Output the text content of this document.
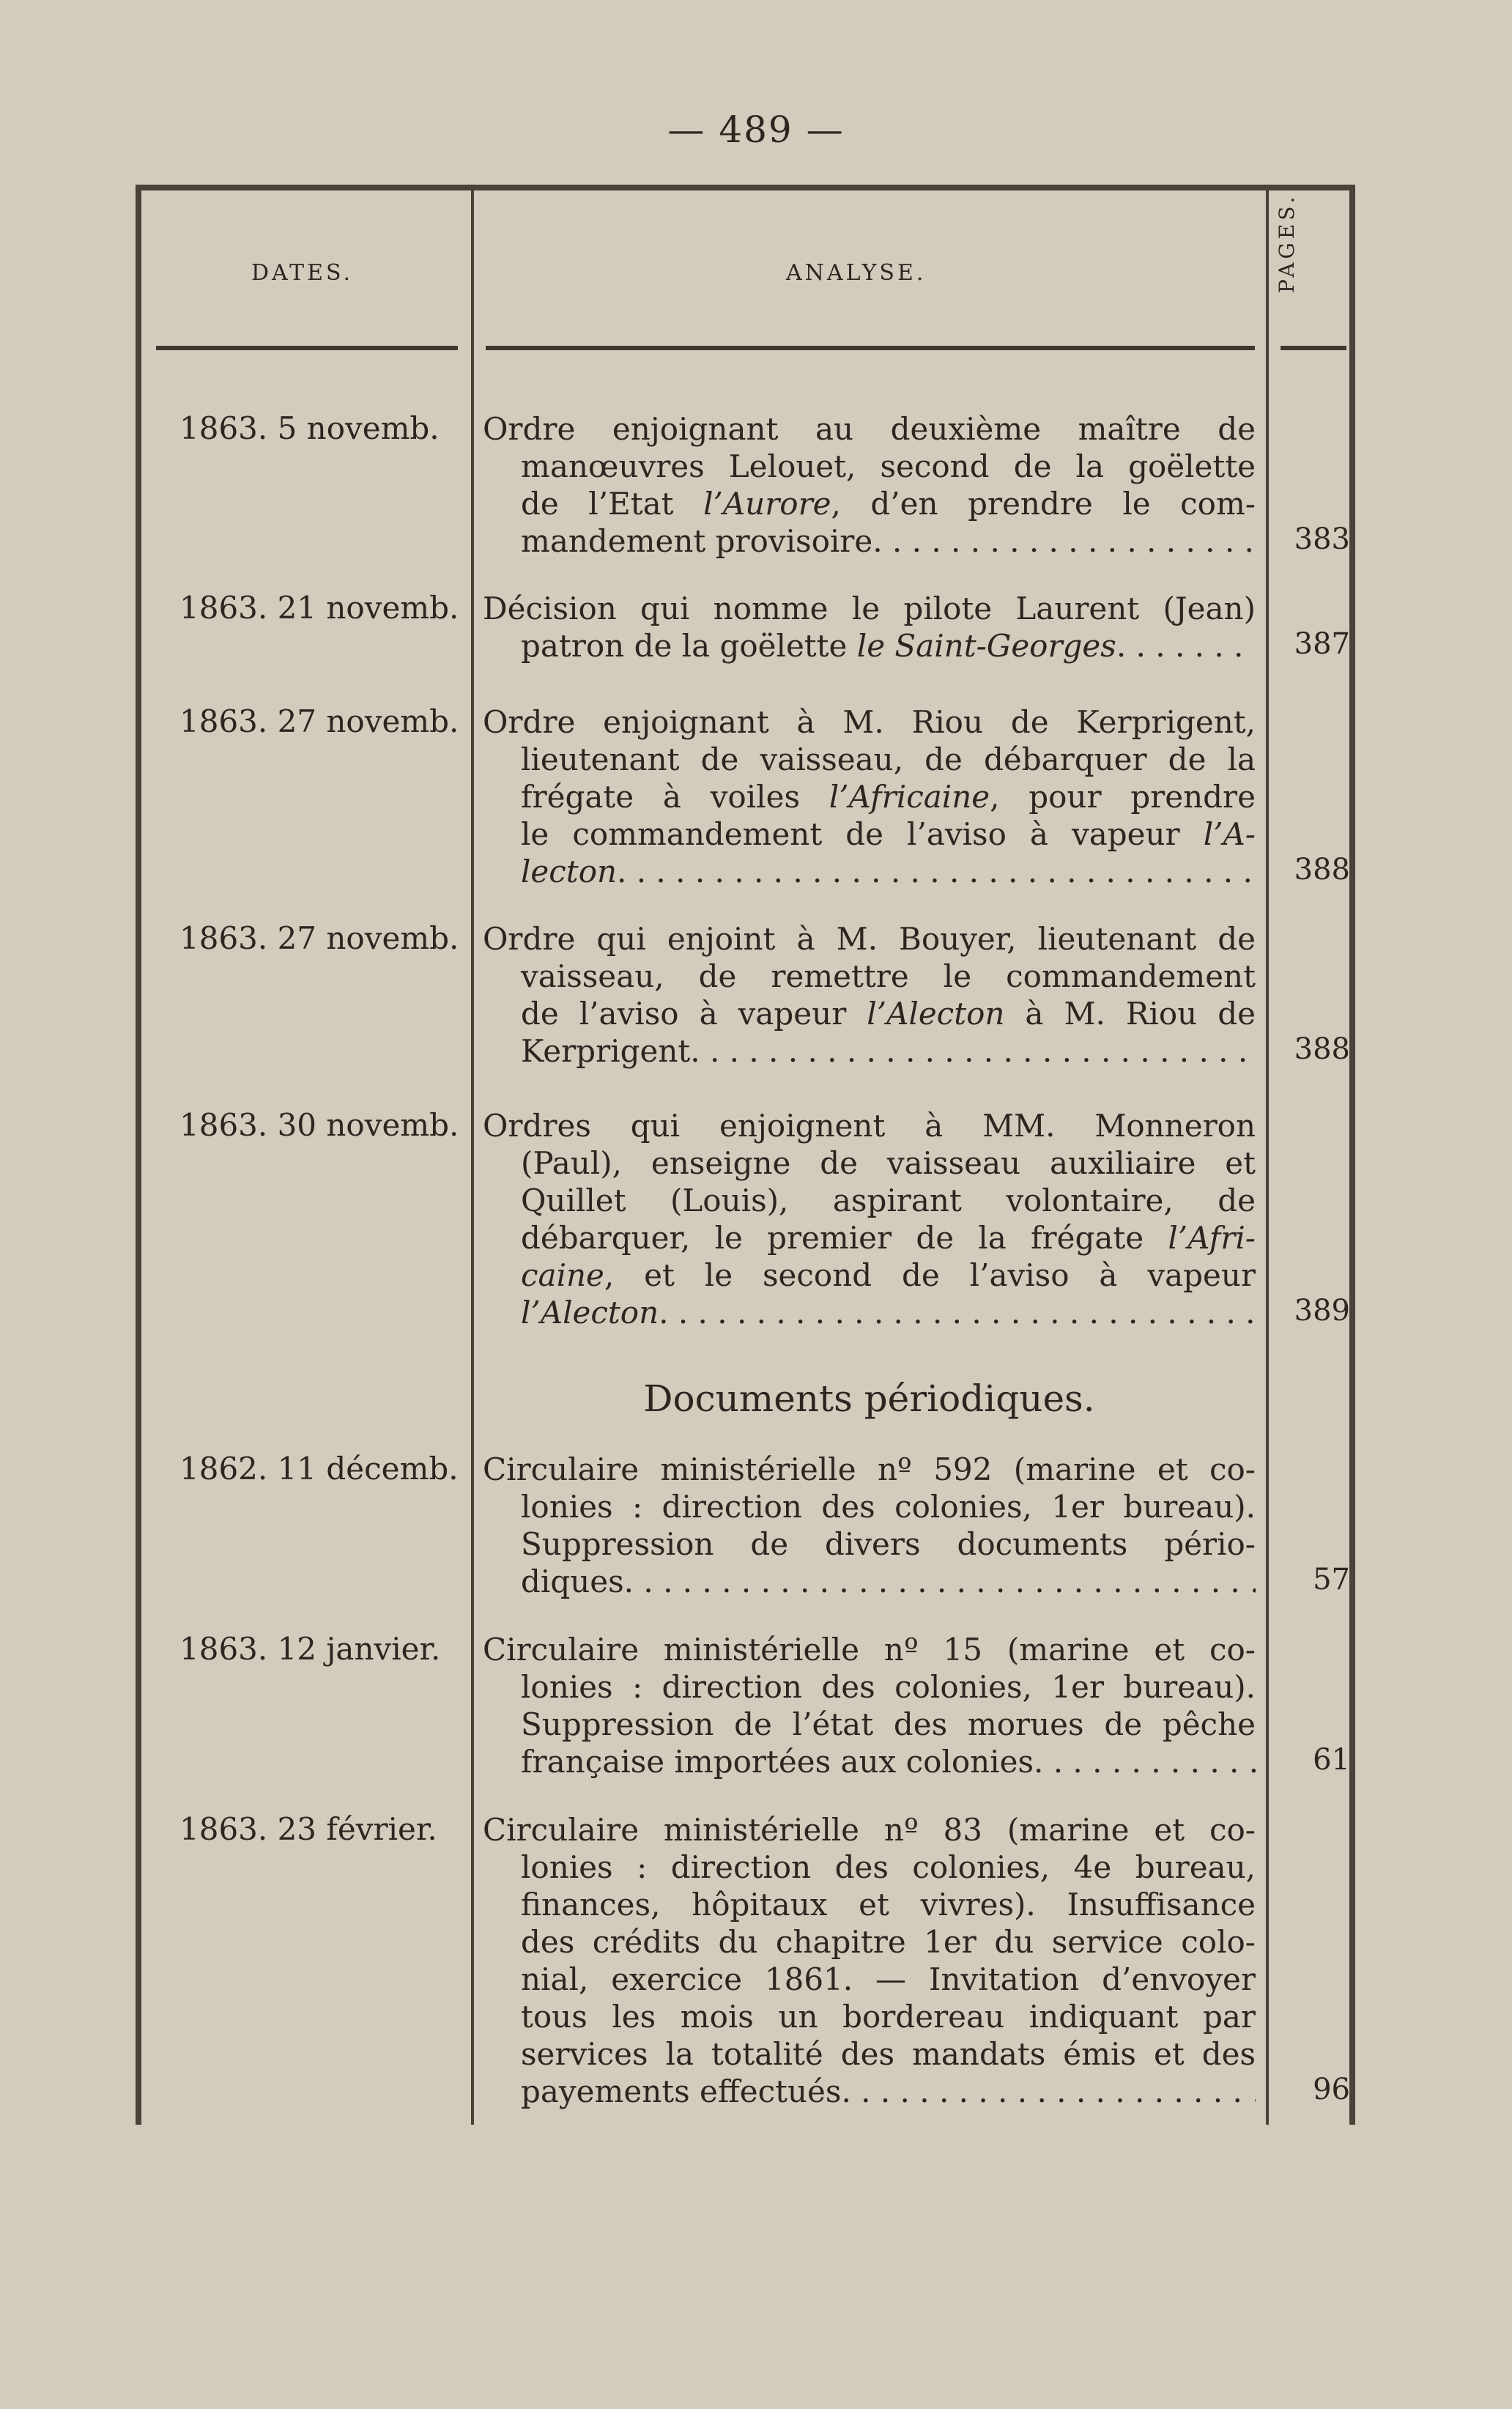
— 489 —
DATES.	ANALYSE.	PAGES.
1863. 5 novemb.	Ordre enjoignant au deuxième maître de
manœuvres Lelouet, second de la goëlette
de l’Etat l’Aurore, d’en prendre le com-
mandement provisoire . . .	383
1863. 21 novemb. Décision qui nomme le pilote Laurent (Jean)
patron de la goëlette le Saint-Georges . . .	387
1863. 27 novemb. Ordre enjoignant à M. Riou de Kerprigent,
lieutenant de vaisseau, de débarquer de la
frégate à voiles l’Africaine, pour prendre
le commandement de l’aviso à vapeur l’A-
lecton . . .	388
1863. 27 novemb. Ordre qui enjoint à M. Bouyer, lieutenant de
vaisseau, de remettre le commandement
de l’aviso à vapeur l’Alecton à M. Riou de
Kerprigent . . .	388
1863. 30 novemb. Ordres qui enjoignent à MM. Monneron
(Paul), enseigne de vaisseau auxiliaire et
Quillet (Louis), aspirant volontaire, de
débarquer, le premier de la frégate l’Afri-
caine, et le second de l’aviso à vapeur
l’Alecton . . .	389
1862. 11 décemb. Circulaire ministérielle nº 592 (marine et co-
lonies : direction des colonies, 1er bureau).
Suppression de divers documents pério-
diques . . .	57
1863. 12 janvier.	Circulaire ministérielle nº 15 (marine et co-
lonies : direction des colonies, 1er bureau).
Suppression de l’état des morues de pêche
française importées aux colonies . . .	61
1863. 23 février.	Circulaire ministérielle nº 83 (marine et co-
lonies : direction des colonies, 4e bureau,
finances, hôpitaux et vivres). Insuffisance
des crédits du chapitre 1er du service colo-
nial, exercice 1861. — Invitation d’envoyer
tous les mois un bordereau indiquant par
services la totalité des mandats émis et des
payements effectués . . .	96
Documents périodiques.
